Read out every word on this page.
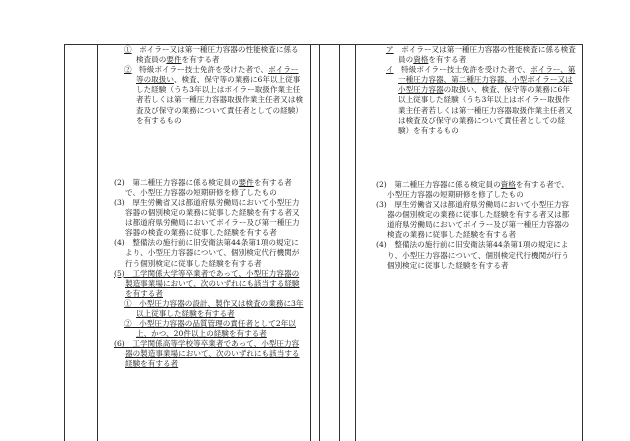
①　ボイラー又は第一種圧力容器の性能検査に係る検査員の要件を有する者

②　特級ボイラー技士免許を受けた者で、ボイラー等の取扱い、検査、保守等の業務に6年以上従事した経験（うち3年以上はボイラー取扱作業主任者若しくは第一種圧力容器取扱作業主任者又は検査及び保守の業務について責任者としての経験）を有するもの

(2)　第二種圧力容器に係る検定員の要件を有する者で、小型圧力容器の短期研修を修了したもの

(3)　厚生労働省又は都道府県労働局において小型圧力容器の個別検定の業務に従事した経験を有する者又は都道府県労働局においてボイラー及び第一種圧力容器の検査の業務に従事した経験を有する者

(4)　整備法の施行前に旧安衛法第44条第1項の規定により、小型圧力容器について、個別検定代行機関が行う個別検定に従事した経験を有する者

(5)　工学関係大学等卒業者であって、小型圧力容器の製造事業場において、次のいずれにも該当する経験を有する者

①　小型圧力容器の設計、製作又は検査の業務に3年以上従事した経験を有する者

②　小型圧力容器の品質管理の責任者として2年以上、かつ、20件以上の経験を有する者

(6)　工学関係高等学校等卒業者であって、小型圧力容器の製造事業場において、次のいずれにも該当する経験を有する者

ア　ボイラー又は第一種圧力容器の性能検査に係る検査員の資格を有する者

イ　特級ボイラー技士免許を受けた者で、ボイラー、第一種圧力容器、第二種圧力容器、小型ボイラー又は小型圧力容器の取扱い、検査、保守等の業務に6年以上従事した経験（うち3年以上はボイラー取扱作業主任者若しくは第一種圧力容器取扱作業主任者又は検査及び保守の業務について責任者としての経験）を有するもの

(2)　第二種圧力容器に係る検定員の資格を有する者で、小型圧力容器の短期研修を修了したもの

(3)　厚生労働省又は都道府県労働局において小型圧力容器の個別検定の業務に従事した経験を有する者又は都道府県労働局においてボイラー及び第一種圧力容器の検査の業務に従事した経験を有する者

(4)　整備法の施行前に旧安衛法第44条第1項の規定により、小型圧力容器について、個別検定代行機関が行う個別検定に従事した経験を有する者
